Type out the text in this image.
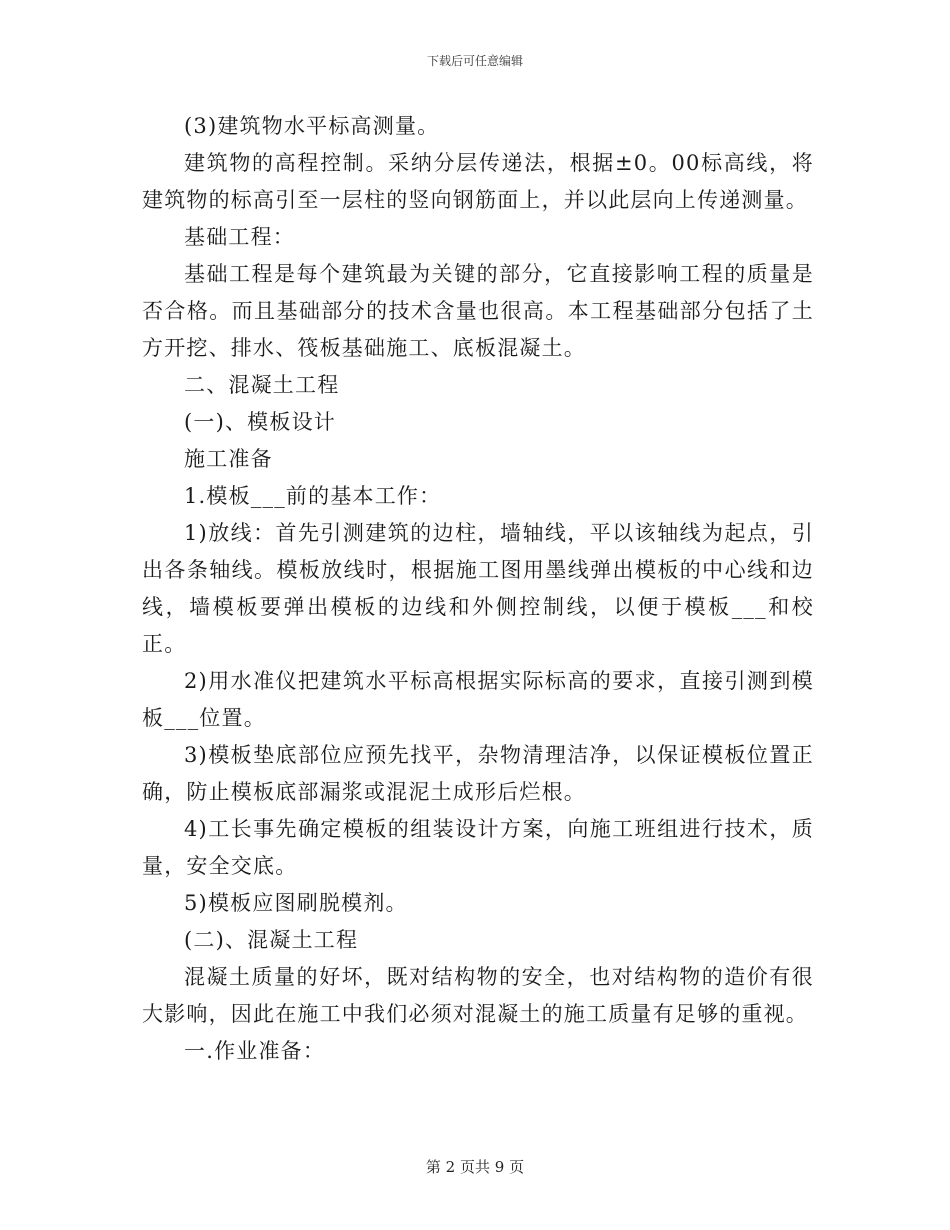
下载后可任意编辑

(3)建筑物水平标高测量。

建筑物的高程控制。采纳分层传递法，根据±0。00标高线，将建筑物的标高引至一层柱的竖向钢筋面上，并以此层向上传递测量。

基础工程：

基础工程是每个建筑最为关键的部分，它直接影响工程的质量是否合格。而且基础部分的技术含量也很高。本工程基础部分包括了土方开挖、排水、筏板基础施工、底板混凝土。

二、混凝土工程

(一)、模板设计

施工准备

1.模板___前的基本工作：

1)放线：首先引测建筑的边柱，墙轴线，平以该轴线为起点，引出各条轴线。模板放线时，根据施工图用墨线弹出模板的中心线和边线，墙模板要弹出模板的边线和外侧控制线，以便于模板___和校正。

2)用水准仪把建筑水平标高根据实际标高的要求，直接引测到模板___位置。

3)模板垫底部位应预先找平，杂物清理洁净，以保证模板位置正确，防止模板底部漏浆或混泥土成形后烂根。

4)工长事先确定模板的组装设计方案，向施工班组进行技术，质量，安全交底。

5)模板应图刷脱模剂。

(二)、混凝土工程

混凝土质量的好坏，既对结构物的安全，也对结构物的造价有很大影响，因此在施工中我们必须对混凝土的施工质量有足够的重视。

一.作业准备：

第 2 页共 9 页
